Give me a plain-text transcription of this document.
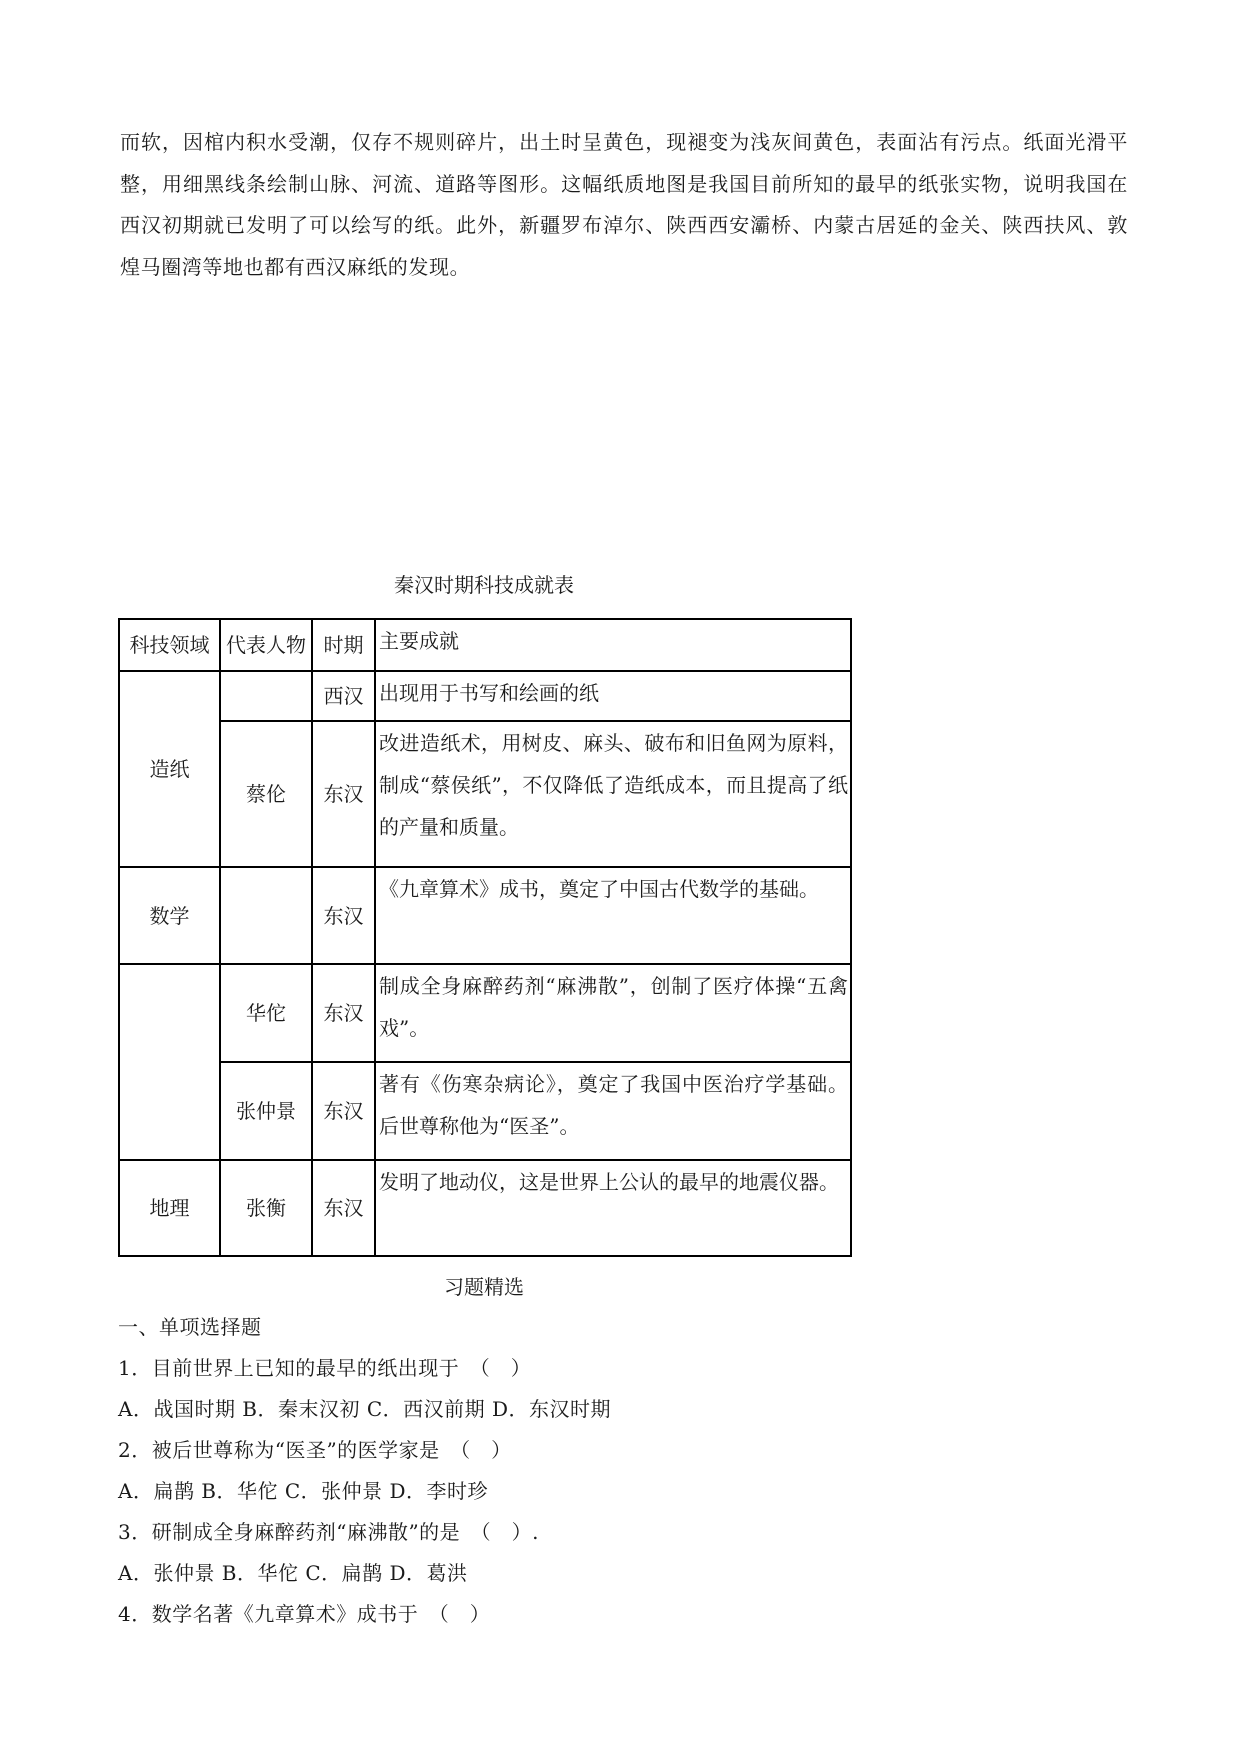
而软，因棺内积水受潮，仅存不规则碎片，出土时呈黄色，现褪变为浅灰间黄色，表面沾有污点。纸面光滑平整，用细黑线条绘制山脉、河流、道路等图形。这幅纸质地图是我国目前所知的最早的纸张实物，说明我国在西汉初期就已发明了可以绘写的纸。此外，新疆罗布淖尔、陕西西安灞桥、内蒙古居延的金关、陕西扶风、敦煌马圈湾等地也都有西汉麻纸的发现。

秦汉时期科技成就表

科技领域	代表人物	时期	主要成就
造纸		西汉	出现用于书写和绘画的纸
	蔡伦	东汉	改进造纸术，用树皮、麻头、破布和旧鱼网为原料，制成“蔡侯纸”，不仅降低了造纸成本，而且提高了纸的产量和质量。
数学		东汉	《九章算术》成书，奠定了中国古代数学的基础。
	华佗	东汉	制成全身麻醉药剂“麻沸散”，创制了医疗体操“五禽戏”。
	张仲景	东汉	著有《伤寒杂病论》，奠定了我国中医治疗学基础。后世尊称他为“医圣”。
地理	张衡	东汉	发明了地动仪，这是世界上公认的最早的地震仪器。

习题精选

一、单项选择题
1．目前世界上已知的最早的纸出现于　（　）
A．战国时期 B．秦末汉初 C．西汉前期 D．东汉时期
2．被后世尊称为“医圣”的医学家是　（　）
A．扁鹊 B．华佗 C．张仲景 D．李时珍
3．研制成全身麻醉药剂“麻沸散”的是　（　）.
A．张仲景 B．华佗 C．扁鹊 D．葛洪
4．数学名著《九章算术》成书于　（　）
